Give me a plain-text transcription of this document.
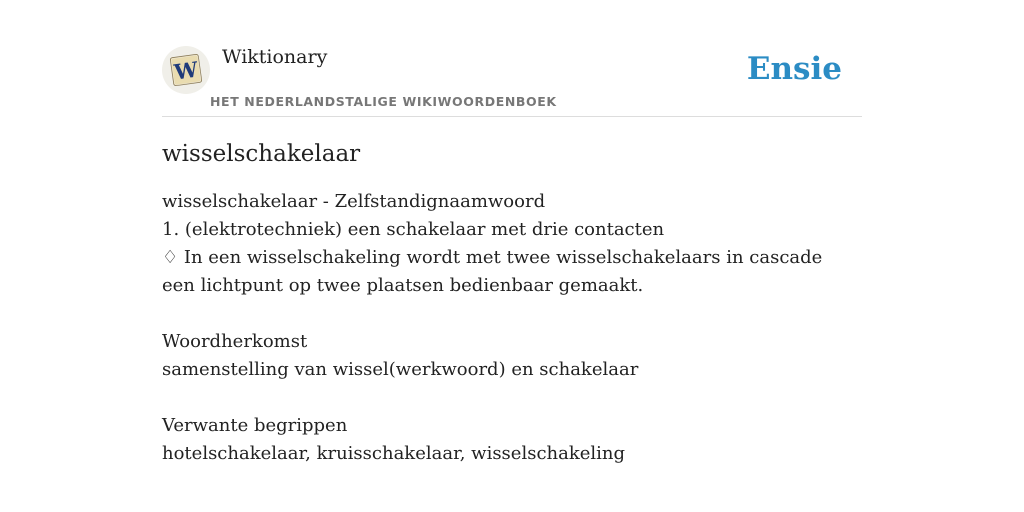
W Wiktionary
HET NEDERLANDSTALIGE WIKIWOORDENBOEK
Ensie
wisselschakelaar

wisselschakelaar - Zelfstandignaamwoord

1. (elektrotechniek) een schakelaar met drie contacten

♢ In een wisselschakeling wordt met twee wisselschakelaars in cascade een lichtpunt op twee plaatsen bedienbaar gemaakt.

Woordherkomst

samenstelling van wissel(werkwoord) en schakelaar

Verwante begrippen

hotelschakelaar, kruisschakelaar, wisselschakeling
